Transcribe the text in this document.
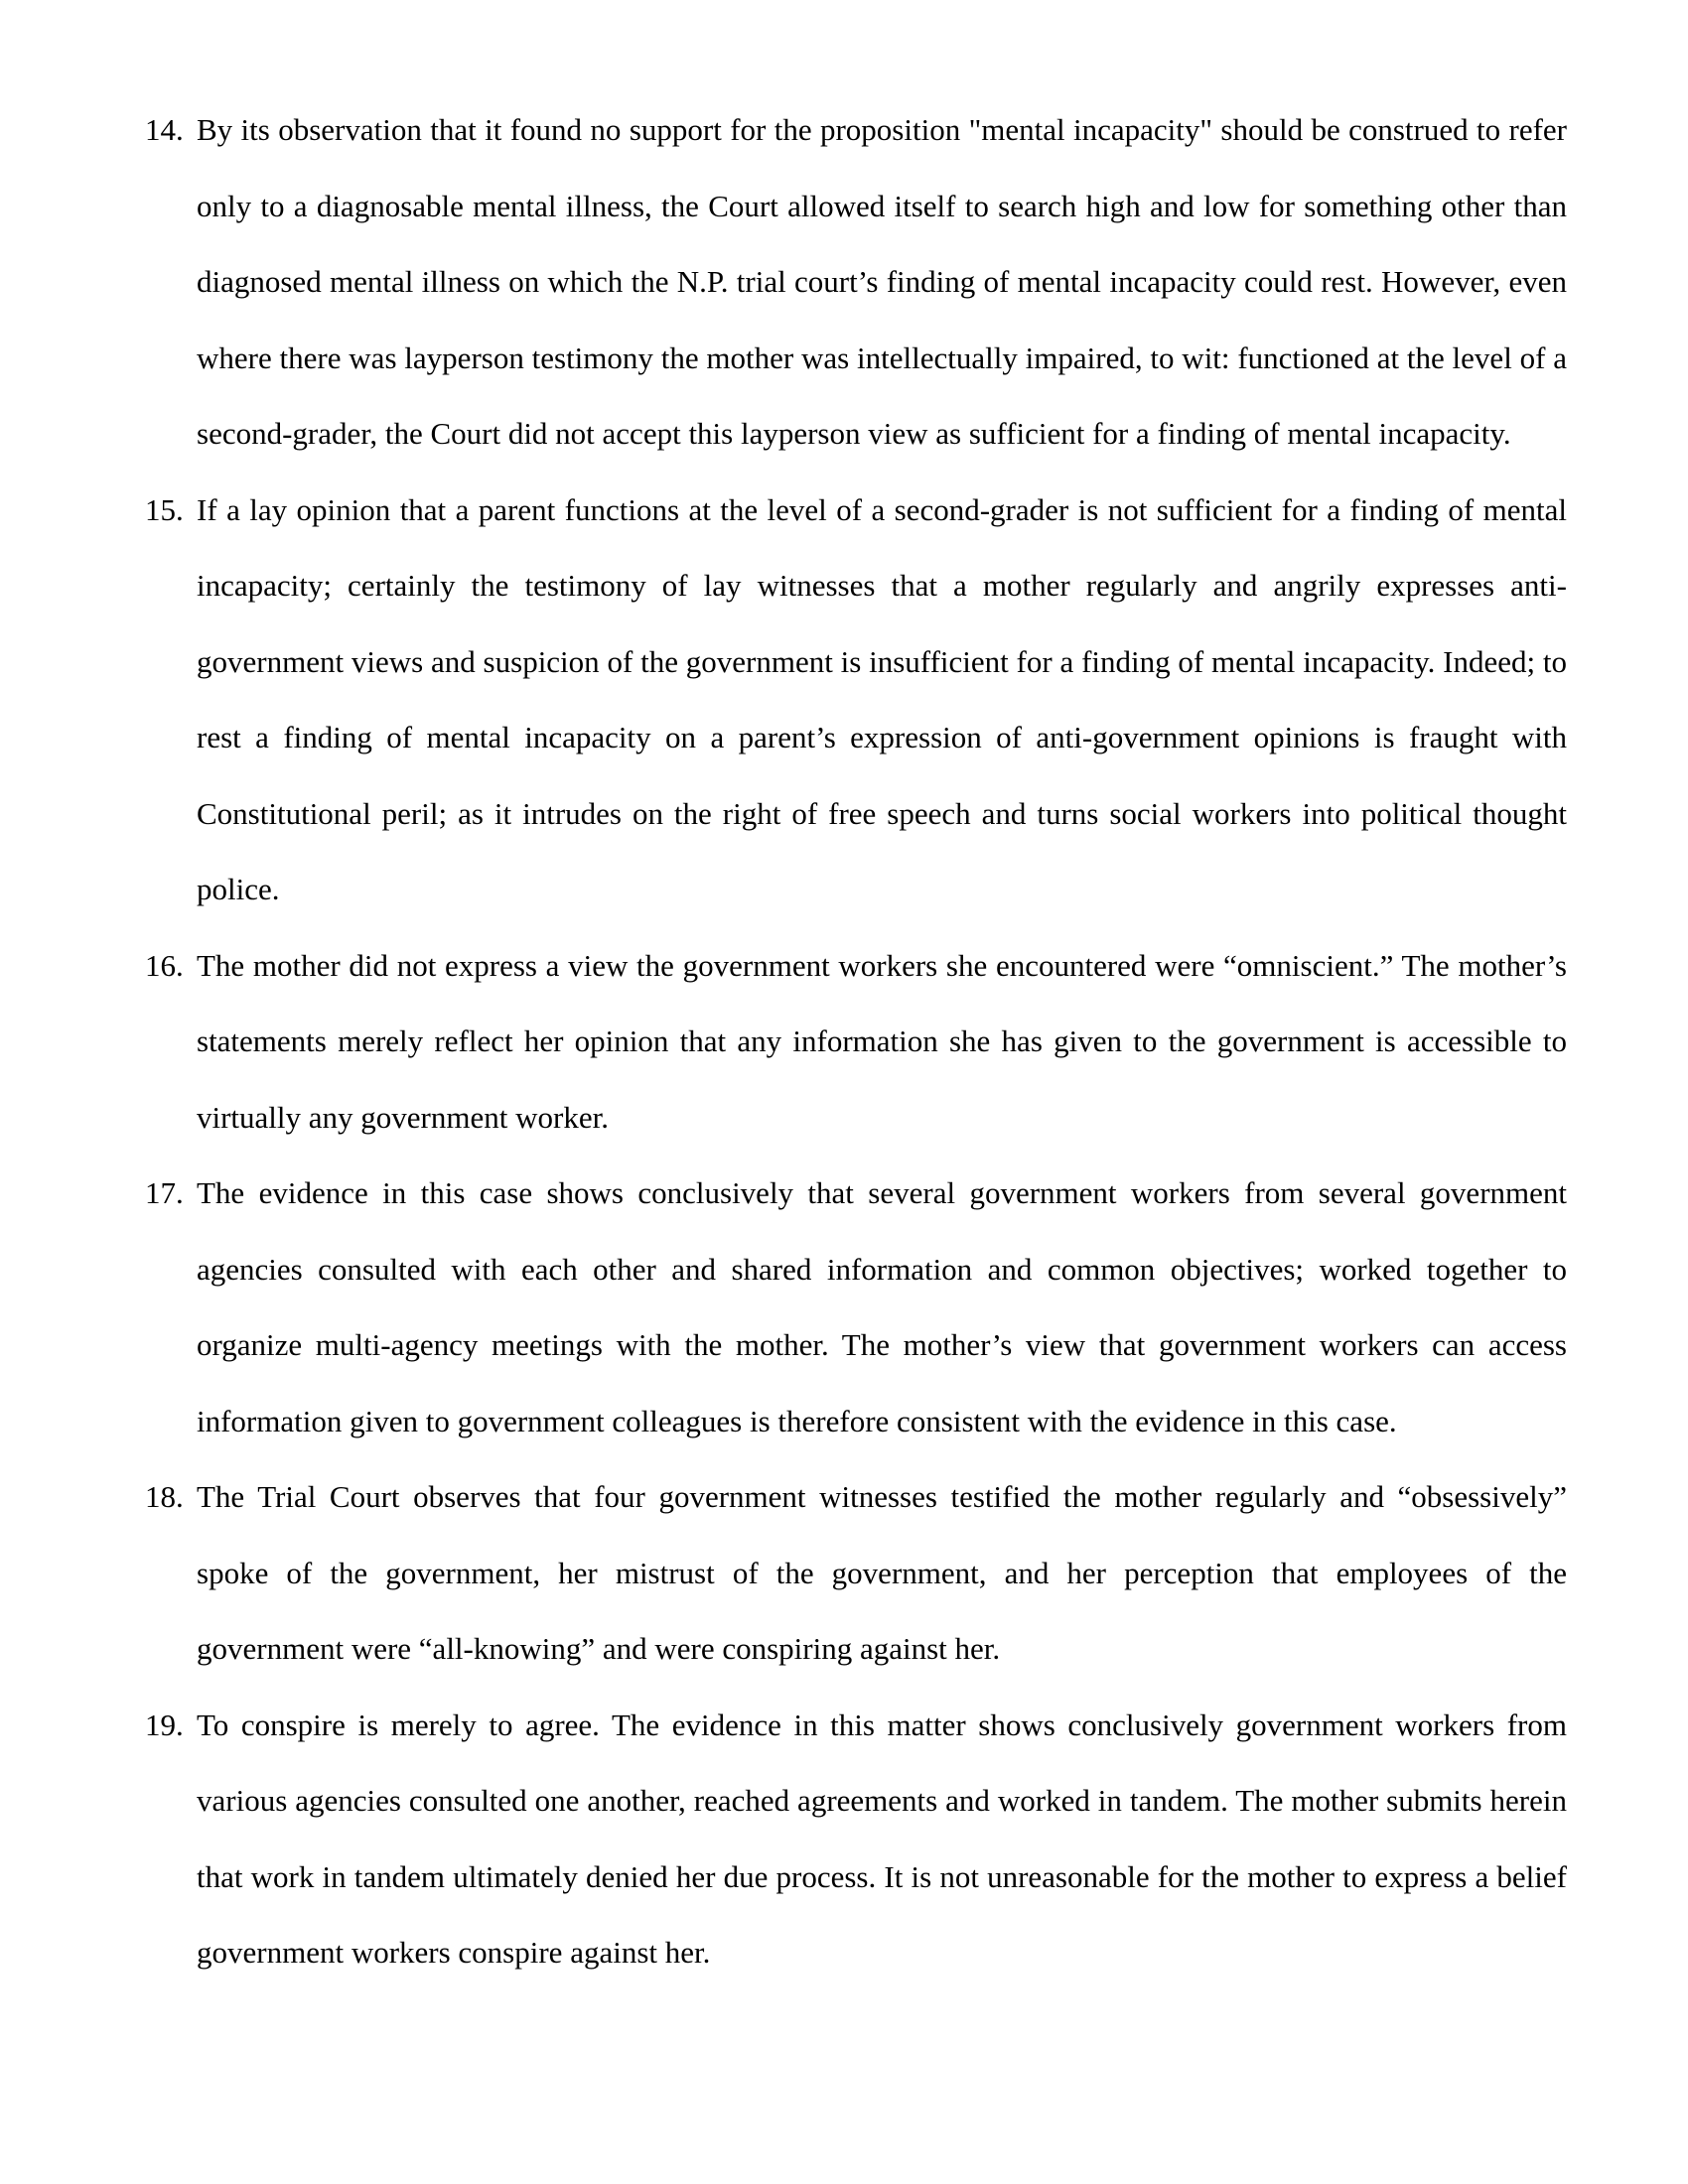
14. By its observation that it found no support for the proposition "mental incapacity" should be construed to refer only to a diagnosable mental illness, the Court allowed itself to search high and low for something other than diagnosed mental illness on which the N.P. trial court’s finding of mental incapacity could rest. However, even where there was layperson testimony the mother was intellectually impaired, to wit: functioned at the level of a second-grader, the Court did not accept this layperson view as sufficient for a finding of mental incapacity.
15. If a lay opinion that a parent functions at the level of a second-grader is not sufficient for a finding of mental incapacity; certainly the testimony of lay witnesses that a mother regularly and angrily expresses anti-government views and suspicion of the government is insufficient for a finding of mental incapacity. Indeed; to rest a finding of mental incapacity on a parent’s expression of anti-government opinions is fraught with Constitutional peril; as it intrudes on the right of free speech and turns social workers into political thought police.
16. The mother did not express a view the government workers she encountered were “omniscient.” The mother’s statements merely reflect her opinion that any information she has given to the government is accessible to virtually any government worker.
17. The evidence in this case shows conclusively that several government workers from several government agencies consulted with each other and shared information and common objectives; worked together to organize multi-agency meetings with the mother. The mother’s view that government workers can access information given to government colleagues is therefore consistent with the evidence in this case.
18. The Trial Court observes that four government witnesses testified the mother regularly and “obsessively” spoke of the government, her mistrust of the government, and her perception that employees of the government were “all-knowing” and were conspiring against her.
19. To conspire is merely to agree. The evidence in this matter shows conclusively government workers from various agencies consulted one another, reached agreements and worked in tandem. The mother submits herein that work in tandem ultimately denied her due process. It is not unreasonable for the mother to express a belief government workers conspire against her.
